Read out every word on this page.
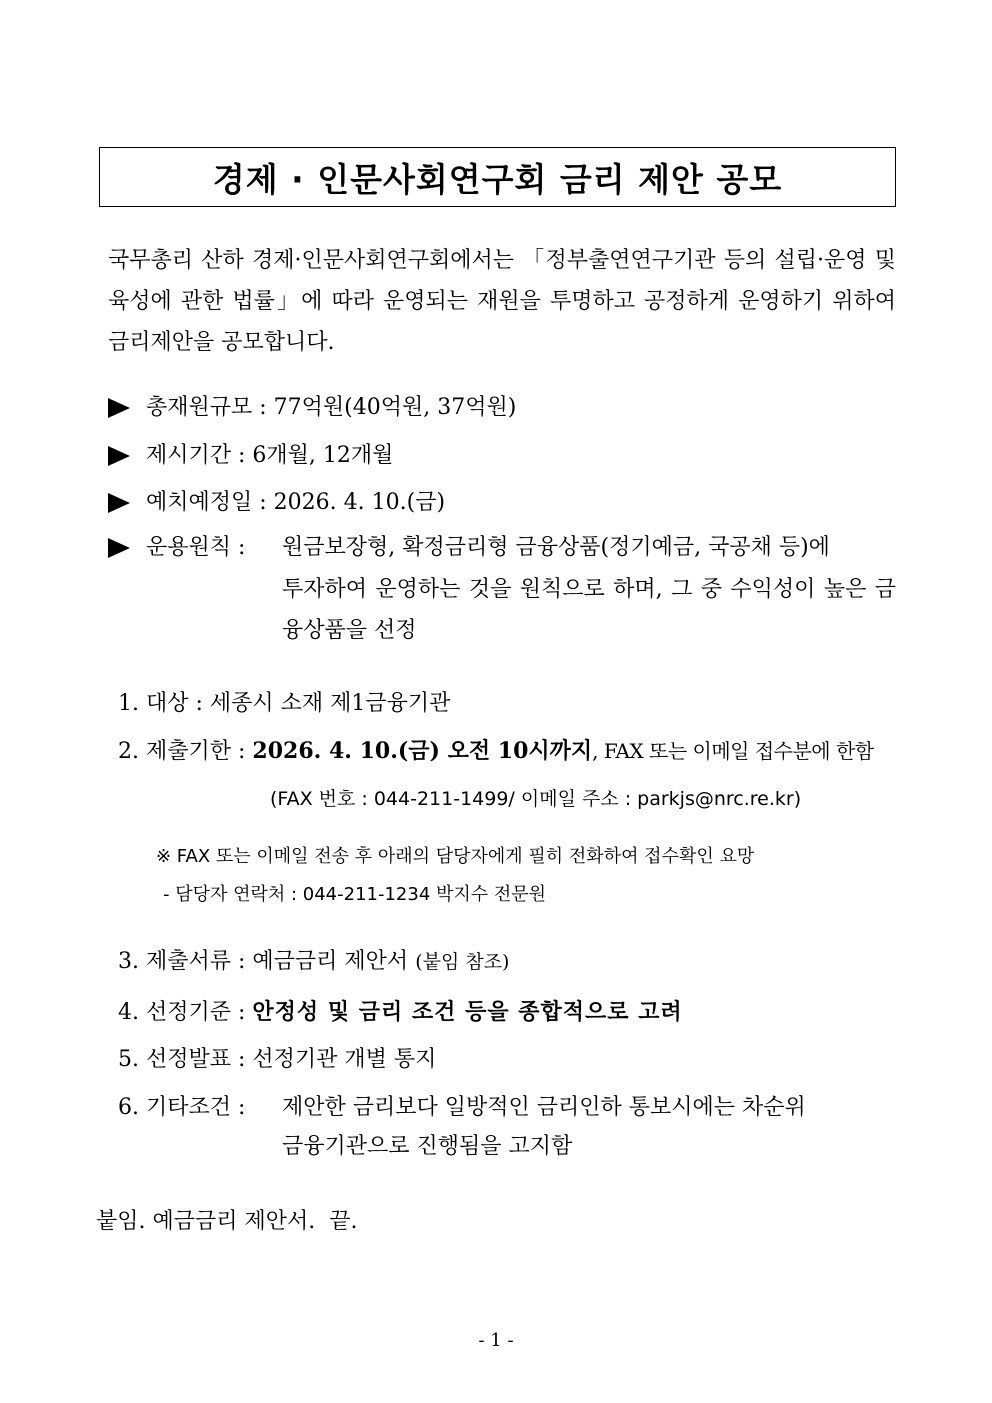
경제 · 인문사회연구회 금리 제안 공모
국무총리 산하 경제·인문사회연구회에서는 「정부출연연구기관 등의 설립·운영 및 육성에 관한 법률」에 따라 운영되는 재원을 투명하고 공정하게 운영하기 위하여 금리제안을 공모합니다.
총재원규모 : 77억원(40억원, 37억원)
제시기간 : 6개월, 12개월
예치예정일 : 2026. 4. 10.(금)
운용원칙 : 원금보장형, 확정금리형 금융상품(정기예금, 국공채 등)에
투자하여 운영하는 것을 원칙으로 하며, 그 중 수익성이 높은 금융상품을 선정
1. 대상 : 세종시 소재 제1금융기관
2. 제출기한 : 2026. 4. 10.(금) 오전 10시까지, FAX 또는 이메일 접수분에 한함
(FAX 번호 : 044-211-1499/ 이메일 주소 : parkjs@nrc.re.kr)
※ FAX 또는 이메일 전송 후 아래의 담당자에게 필히 전화하여 접수확인 요망
- 담당자 연락처 : 044-211-1234 박지수 전문원
3. 제출서류 : 예금금리 제안서 (붙임 참조)
4. 선정기준 : 안정성 및 금리 조건 등을 종합적으로 고려
5. 선정발표 : 선정기관 개별 통지
6. 기타조건 : 제안한 금리보다 일방적인 금리인하 통보시에는 차순위
금융기관으로 진행됨을 고지함
붙임. 예금금리 제안서. 끝.
- 1 -
